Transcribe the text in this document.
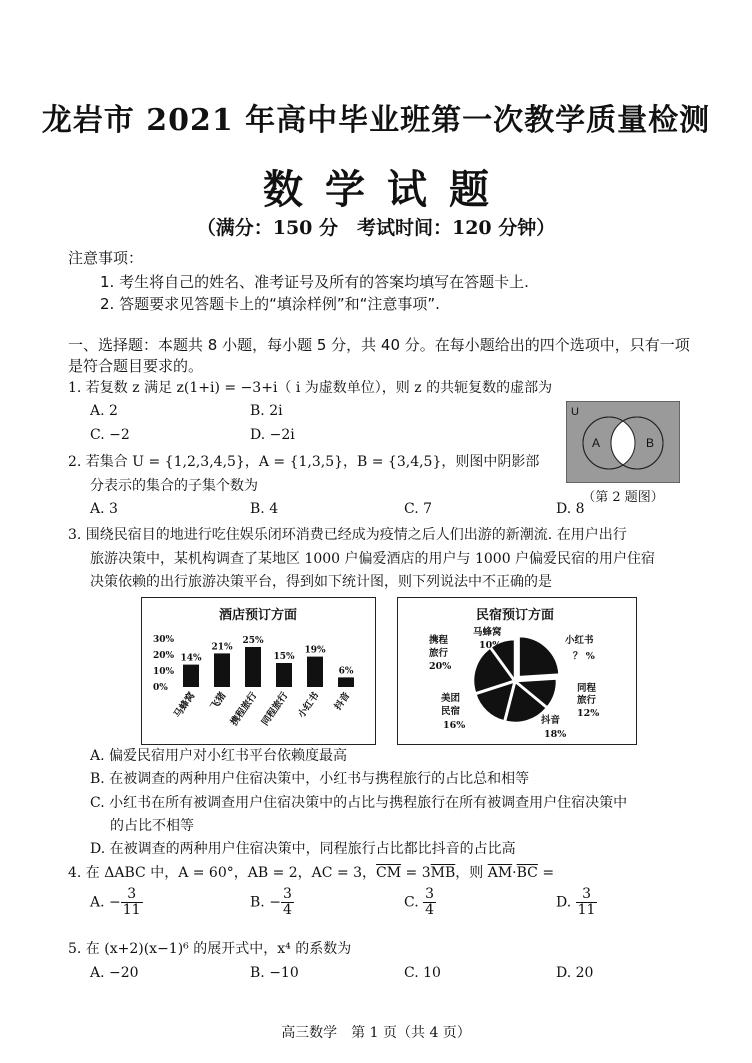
龙岩市 2021 年高中毕业班第一次教学质量检测
数学试题
（满分：150 分　考试时间：120 分钟）
注意事项：
1. 考生将自己的姓名、准考证号及所有的答案均填写在答题卡上.
2. 答题要求见答题卡上的“填涂样例”和“注意事项”.
一、选择题：本题共 8 小题，每小题 5 分，共 40 分。在每小题给出的四个选项中，只有一项是符合题目要求的。
1. 若复数 z 满足 z(1+i) = −3+i（ i 为虚数单位），则 z 的共轭复数的虚部为
A. 2	B. 2i
C. −2	D. −2i
U
A	B
（第 2 题图）
2. 若集合 U = {1,2,3,4,5}，A = {1,3,5}，B = {3,4,5}，则图中阴影部
分表示的集合的子集个数为
A. 3	B. 4	C. 7	D. 8
3. 围绕民宿目的地进行吃住娱乐闭环消费已经成为疫情之后人们出游的新潮流. 在用户出行
旅游决策中，某机构调查了某地区 1000 户偏爱酒店的用户与 1000 户偏爱民宿的用户住宿
决策依赖的出行旅游决策平台，得到如下统计图，则下列说法中不正确的是
酒店预订方面
0%
10%
20%
30%
14%
马蜂窝
21%
飞猪
25%
携程旅行
15%
同程旅行
19%
小红书
6%
抖音
民宿预订方面
小红书
？ %
同程
旅行
12%
抖音
18%
美团
民宿
16%
携程
旅行
20%
马蜂窝
10%
A. 偏爱民宿用户对小红书平台依赖度最高
B. 在被调查的两种用户住宿决策中，小红书与携程旅行的占比总和相等
C. 小红书在所有被调查用户住宿决策中的占比与携程旅行在所有被调查用户住宿决策中
的占比不相等
D. 在被调查的两种用户住宿决策中，同程旅行占比都比抖音的占比高
4. 在 ΔABC 中，A = 60°，AB = 2，AC = 3，$\overline{CM} = 3\overline{MB}$，则 $\overline{AM}\cdot\overline{BC}$ =
A. − $\frac{3}{11}$	B. − $\frac{3}{4}$	C. $\frac{3}{4}$	D. $\frac{3}{11}$
5. 在 (x+2)(x−1)⁶ 的展开式中，x⁴ 的系数为
A. −20	B. −10	C. 10	D. 20
高三数学　第 1 页（共 4 页）
